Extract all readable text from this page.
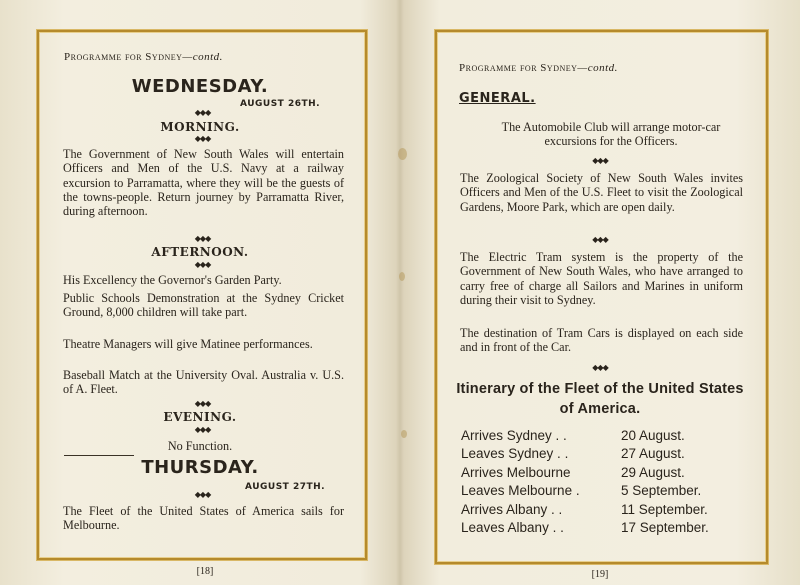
Programme for Sydney—contd.
WEDNESDAY.
AUGUST 26TH.
◆◆◆
MORNING.
◆◆◆
The Government of New South Wales will entertain Officers and Men of the U.S. Navy at a railway excursion to Parramatta, where they will be the guests of the towns-people. Return journey by Parramatta River, during afternoon.
◆◆◆
AFTERNOON.
◆◆◆
His Excellency the Governor's Garden Party.
Public Schools Demonstration at the Sydney Cricket Ground, 8,000 children will take part.
Theatre Managers will give Matinee performances.
Baseball Match at the University Oval. Australia v. U.S. of A. Fleet.
◆◆◆
EVENING.
◆◆◆
No Function.
THURSDAY.
AUGUST 27TH.
◆◆◆
The Fleet of the United States of America sails for Melbourne.
[18]
Programme for Sydney—contd.
GENERAL.
The Automobile Club will arrange motor-car excursions for the Officers.
◆◆◆
The Zoological Society of New South Wales invites Officers and Men of the U.S. Fleet to visit the Zoological Gardens, Moore Park, which are open daily.
◆◆◆
The Electric Tram system is the property of the Government of New South Wales, who have arranged to carry free of charge all Sailors and Marines in uniform during their visit to Sydney.
The destination of Tram Cars is displayed on each side and in front of the Car.
◆◆◆
Itinerary of the Fleet of the United States of America.
Arrives Sydney . .	20 August.
Leaves Sydney . .	27 August.
Arrives Melbourne	29 August.
Leaves Melbourne .	5 September.
Arrives Albany . .	11 September.
Leaves Albany . .	17 September.
[19]
